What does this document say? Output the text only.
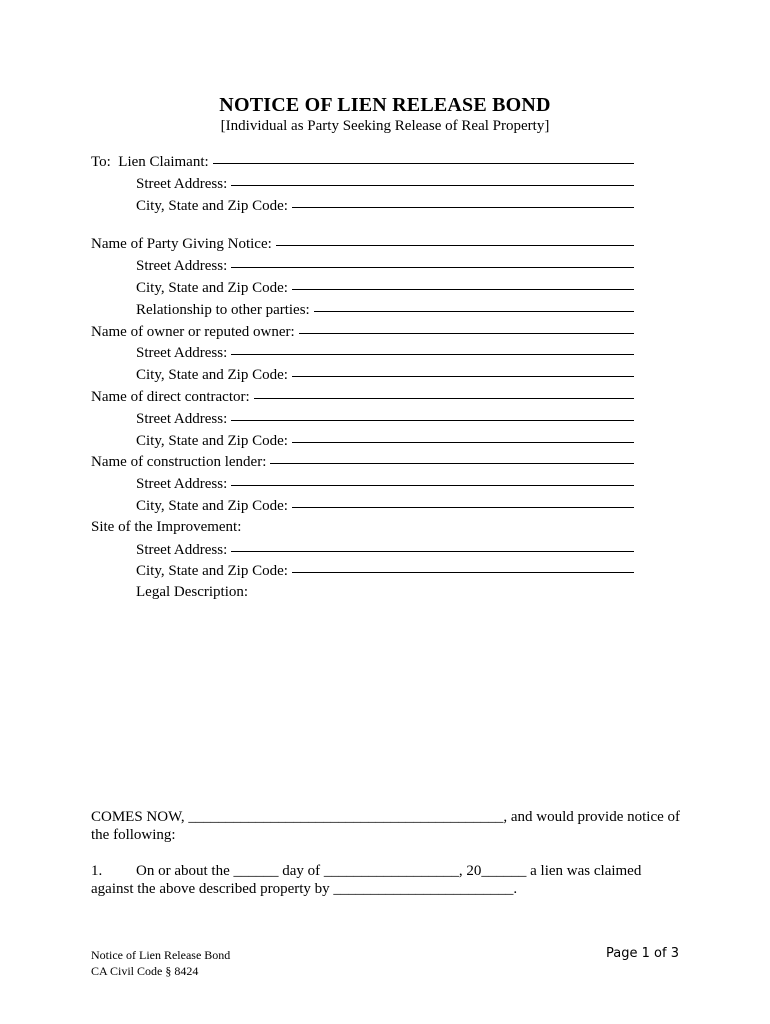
NOTICE OF LIEN RELEASE BOND
[Individual as Party Seeking Release of Real Property]
To:  Lien Claimant:
Street Address:
City, State and Zip Code:
Name of Party Giving Notice:
Street Address:
City, State and Zip Code:
Relationship to other parties:
Name of owner or reputed owner:
Street Address:
City, State and Zip Code:
Name of direct contractor:
Street Address:
City, State and Zip Code:
Name of construction lender:
Street Address:
City, State and Zip Code:
Site of the Improvement:
Street Address:
City, State and Zip Code:
Legal Description:
COMES NOW, __________________________________________, and would provide notice of the following:
1. On or about the ______ day of __________________, 20______ a lien was claimed against the above described property by ________________________.
Notice of Lien Release Bond
CA Civil Code § 8424
Page 1 of 3
